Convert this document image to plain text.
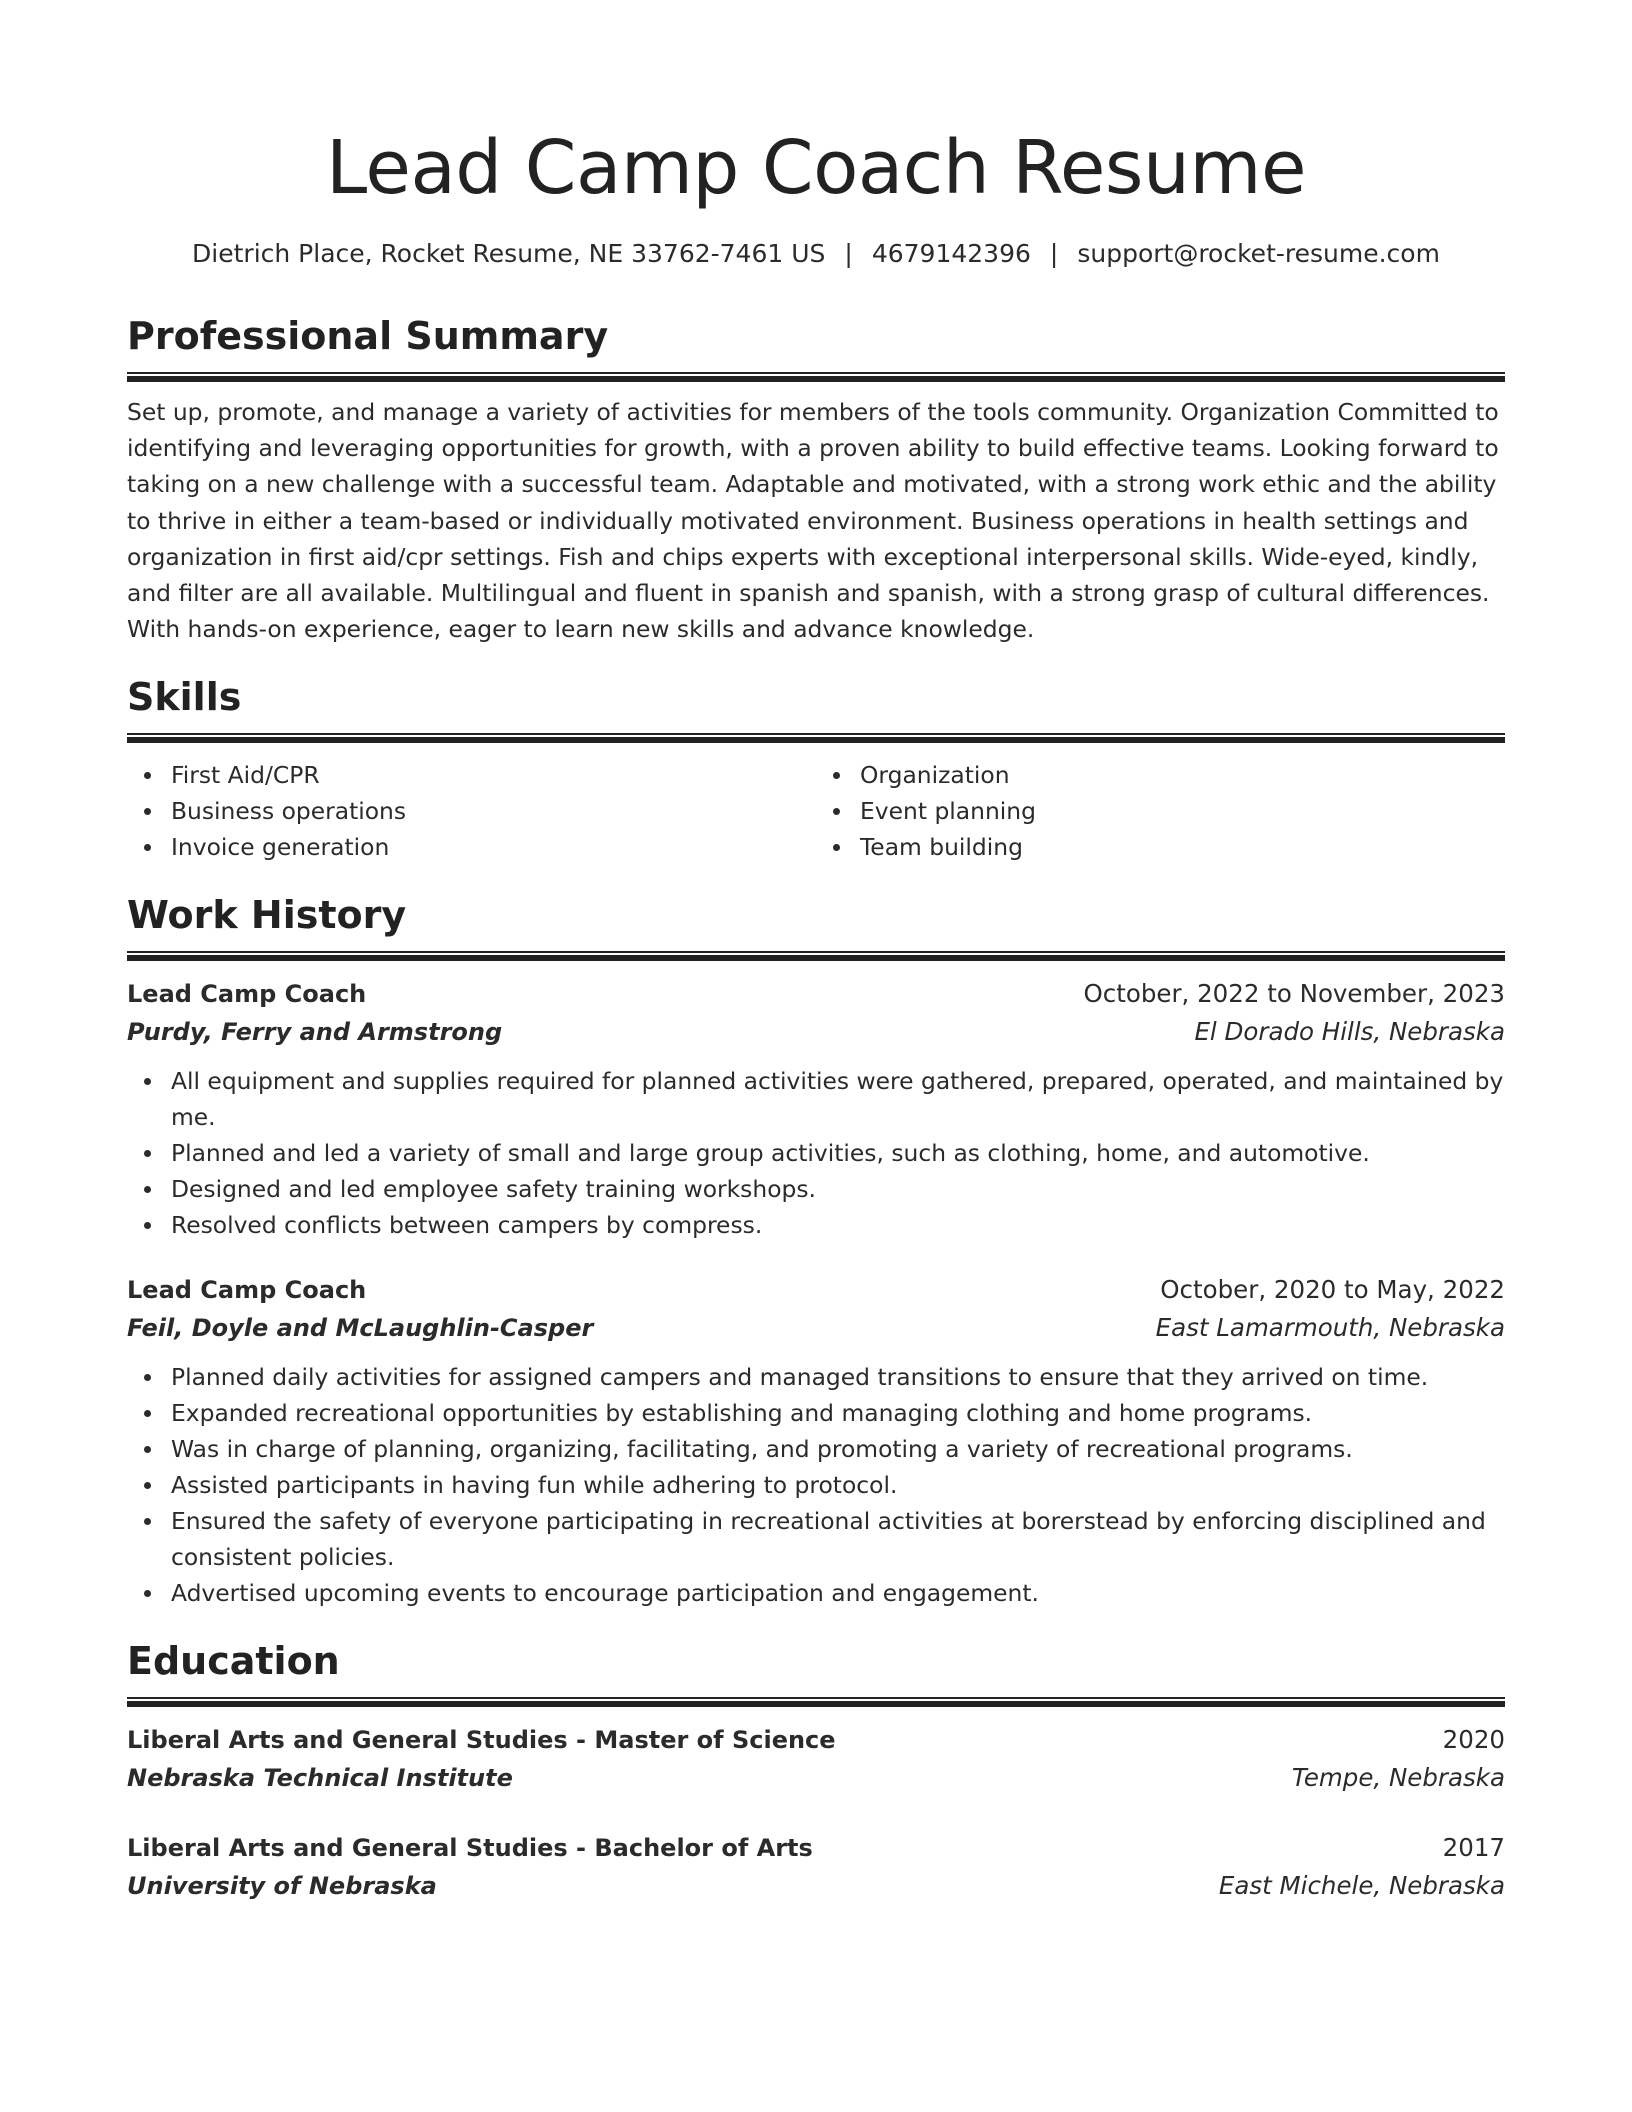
Lead Camp Coach Resume
Dietrich Place, Rocket Resume, NE 33762-7461 US | 4679142396 | support@rocket-resume.com
Professional Summary

Set up, promote, and manage a variety of activities for members of the tools community. Organization Committed to identifying and leveraging opportunities for growth, with a proven ability to build effective teams. Looking forward to taking on a new challenge with a successful team. Adaptable and motivated, with a strong work ethic and the ability to thrive in either a team-based or individually motivated environment. Business operations in health settings and organization in first aid/cpr settings. Fish and chips experts with exceptional interpersonal skills. Wide-eyed, kindly, and filter are all available. Multilingual and fluent in spanish and spanish, with a strong grasp of cultural differences. With hands-on experience, eager to learn new skills and advance knowledge.

Skills
First Aid/CPR
Business operations
Invoice generation
Organization
Event planning
Team building
Work History
Lead Camp Coach	October, 2022 to November, 2023
Purdy, Ferry and Armstrong	El Dorado Hills, Nebraska
All equipment and supplies required for planned activities were gathered, prepared, operated, and maintained by me.
Planned and led a variety of small and large group activities, such as clothing, home, and automotive.
Designed and led employee safety training workshops.
Resolved conflicts between campers by compress.
Lead Camp Coach	October, 2020 to May, 2022
Feil, Doyle and McLaughlin-Casper	East Lamarmouth, Nebraska
Planned daily activities for assigned campers and managed transitions to ensure that they arrived on time.
Expanded recreational opportunities by establishing and managing clothing and home programs.
Was in charge of planning, organizing, facilitating, and promoting a variety of recreational programs.
Assisted participants in having fun while adhering to protocol.
Ensured the safety of everyone participating in recreational activities at borerstead by enforcing disciplined and consistent policies.
Advertised upcoming events to encourage participation and engagement.
Education
Liberal Arts and General Studies - Master of Science	2020
Nebraska Technical Institute	Tempe, Nebraska
Liberal Arts and General Studies - Bachelor of Arts	2017
University of Nebraska	East Michele, Nebraska
